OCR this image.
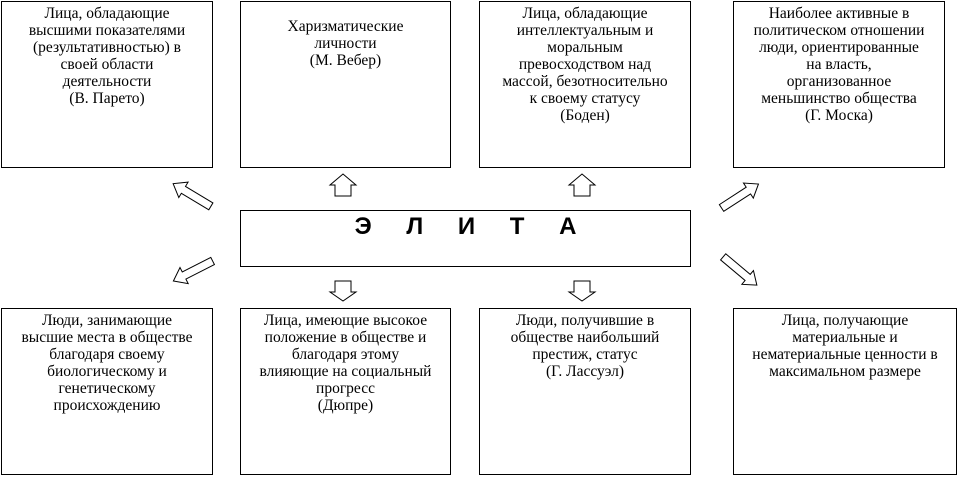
Лица, обладающие
высшими показателями
(результативностью) в
своей области
деятельности
(В. Парето)
Харизматические
личности
(М. Вебер)
Лица, обладающие
интеллектуальным и
моральным
превосходством над
массой, безотносительно
к своему статусу
(Боден)
Наиболее активные в
политическом отношении
люди, ориентированные
на власть,
организованное
меньшинство общества
(Г. Моска)
Э Л И Т А
Люди, занимающие
высшие места в обществе
благодаря своему
биологическому и
генетическому
происхождению
Лица, имеющие высокое
положение в обществе и
благодаря этому
влияющие на социальный
прогресс
(Дюпре)
Люди, получившие в
обществе наибольший
престиж, статус
(Г. Лассуэл)
Лица, получающие
материальные и
нематериальные ценности в
максимальном размере
